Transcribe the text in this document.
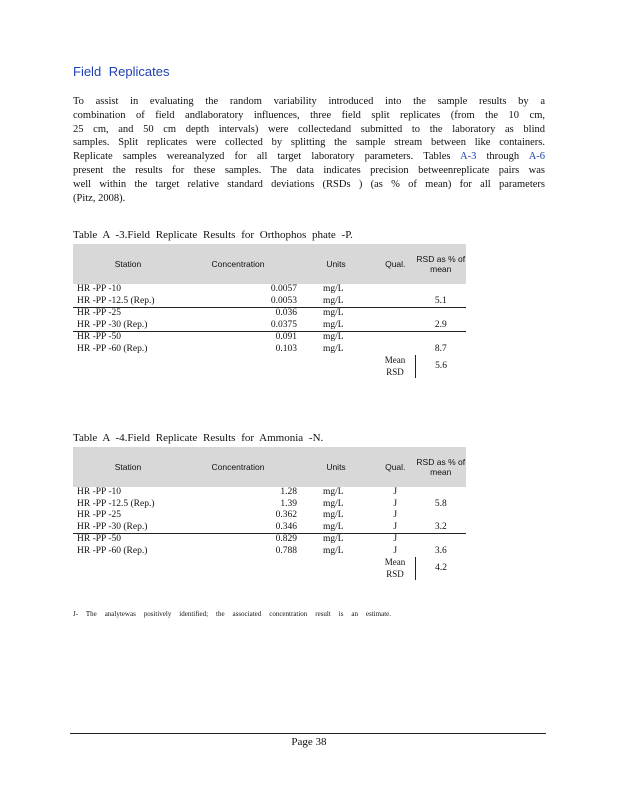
Field Replicates
To assist in evaluating the random variability introduced into the sample results by a
combination of field andlaboratory influences, three field split replicates (from the 10 cm,
25 cm, and 50 cm depth intervals) were collectedand submitted to the laboratory as blind
samples. Split replicates were collected by splitting the sample stream between like containers.
Replicate samples wereanalyzed for all target laboratory parameters. Tables A-3 through A-6
present the results for these samples. The data indicates precision betweenreplicate pairs was
well within the target relative standard deviations (RSDs ) (as % of mean) for all parameters
(Pitz, 2008).
Table A -3.Field Replicate Results for Orthophos phate -P.
Station	Concentration	Units	Qual.	RSD as % of mean
HR -PP -10	0.0057	mg/L		
HR -PP -12.5 (Rep.)	0.0053	mg/L		5.1
HR -PP -25	0.036	mg/L		
HR -PP -30 (Rep.)	0.0375	mg/L		2.9
HR -PP -50	0.091	mg/L		
HR -PP -60 (Rep.)	0.103	mg/L		8.7
			Mean RSD	5.6
Table A -4.Field Replicate Results for Ammonia -N.
Station	Concentration	Units	Qual.	RSD as % of mean
HR -PP -10	1.28	mg/L	J	
HR -PP -12.5 (Rep.)	1.39	mg/L	J	5.8
HR -PP -25	0.362	mg/L	J	
HR -PP -30 (Rep.)	0.346	mg/L	J	3.2
HR -PP -50	0.829	mg/L	J	
HR -PP -60 (Rep.)	0.788	mg/L	J	3.6
			Mean RSD	4.2
J- The analytewas positively identified; the associated concentration result is an estimate.
Page 38
